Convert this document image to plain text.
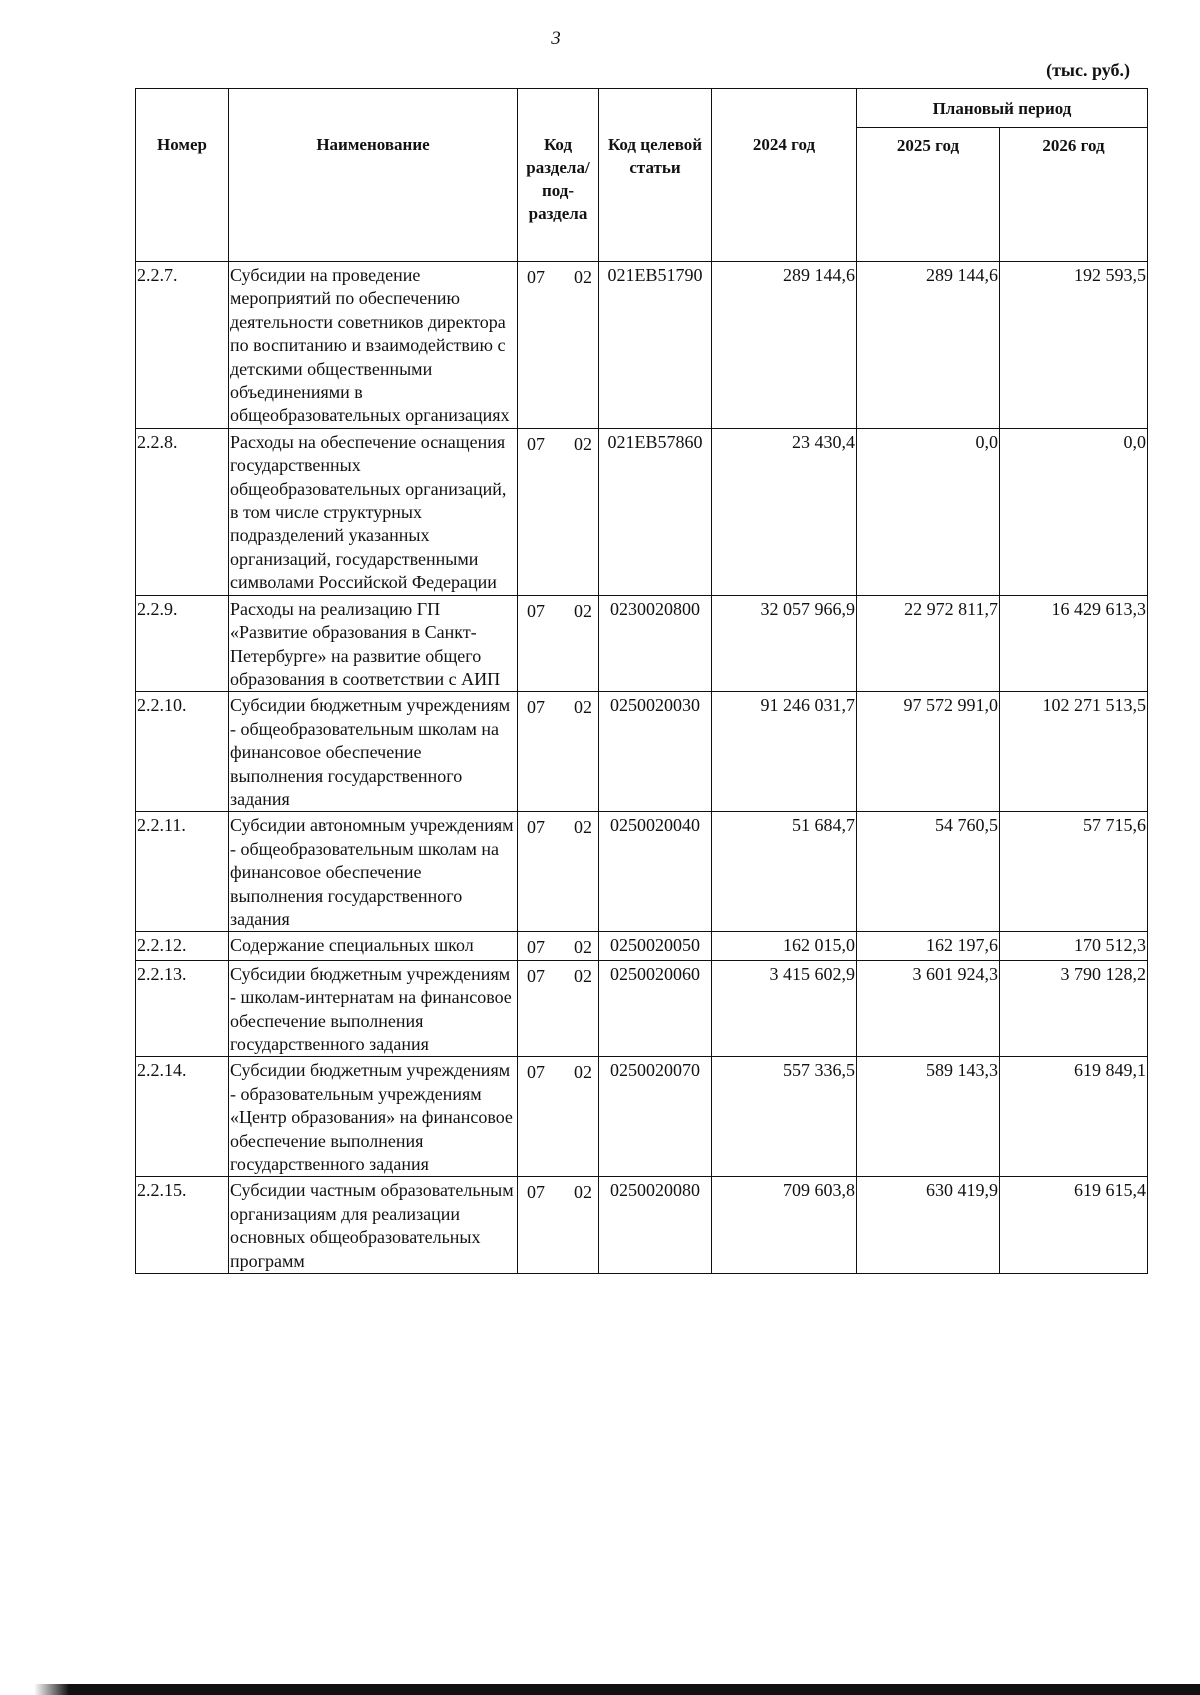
3
(тыс. руб.)
Номер	Наименование	Код раздела/ под- раздела	Код целевой статьи	2024 год	Плановый период	
					2025 год	2026 год
2.2.7.	Субсидии на проведение мероприятий по обеспечению деятельности советников директора по воспитанию и взаимодействию с детскими общественными объединениями в общеобразовательных организациях	07 02	021EB51790	289 144,6	289 144,6	192 593,5
2.2.8.	Расходы на обеспечение оснащения государственных общеобразовательных организаций, в том числе структурных подразделений указанных организаций, государственными символами Российской Федерации	07 02	021EB57860	23 430,4	0,0	0,0
2.2.9.	Расходы на реализацию ГП «Развитие образования в Санкт-Петербурге» на развитие общего образования в соответствии с АИП	07 02	0230020800	32 057 966,9	22 972 811,7	16 429 613,3
2.2.10.	Субсидии бюджетным учреждениям - общеобразовательным школам на финансовое обеспечение выполнения государственного задания	07 02	0250020030	91 246 031,7	97 572 991,0	102 271 513,5
2.2.11.	Субсидии автономным учреждениям - общеобразовательным школам на финансовое обеспечение выполнения государственного задания	07 02	0250020040	51 684,7	54 760,5	57 715,6
2.2.12.	Содержание специальных школ	07 02	0250020050	162 015,0	162 197,6	170 512,3
2.2.13.	Субсидии бюджетным учреждениям - школам-интернатам на финансовое обеспечение выполнения государственного задания	07 02	0250020060	3 415 602,9	3 601 924,3	3 790 128,2
2.2.14.	Субсидии бюджетным учреждениям - образовательным учреждениям «Центр образования» на финансовое обеспечение выполнения государственного задания	07 02	0250020070	557 336,5	589 143,3	619 849,1
2.2.15.	Субсидии частным образовательным организациям для реализации основных общеобразовательных программ	07 02	0250020080	709 603,8	630 419,9	619 615,4
